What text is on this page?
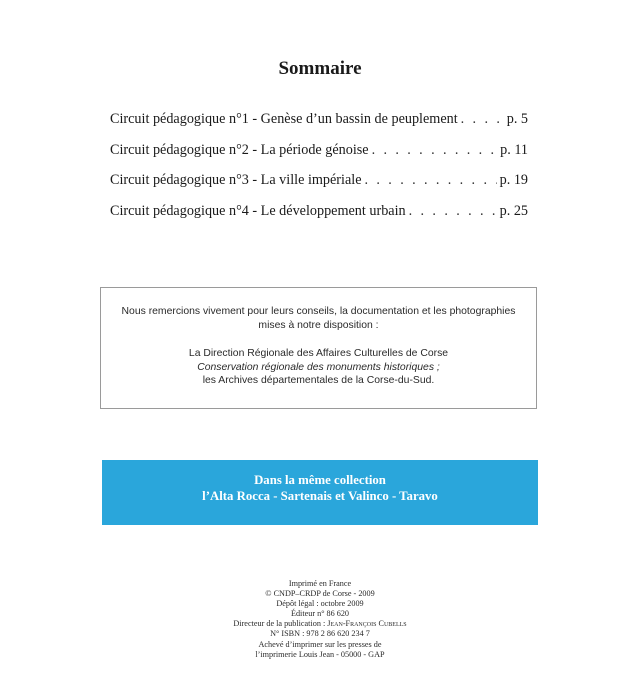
Sommaire
Circuit pédagogique n°1 - Genèse d’un bassin de peuplement . . .	p. 5
Circuit pédagogique n°2 - La période génoise . . .	p. 11
Circuit pédagogique n°3 - La ville impériale . . .	p. 19
Circuit pédagogique n°4 - Le développement urbain . . .	p. 25
Nous remercions vivement pour leurs conseils, la documentation et les photographies
mises à notre disposition :
La Direction Régionale des Affaires Culturelles de Corse
Conservation régionale des monuments historiques ;
les Archives départementales de la Corse-du-Sud.
Dans la même collection
l’Alta Rocca - Sartenais et Valinco - Taravo
Imprimé en France
© CNDP–CRDP de Corse - 2009
Dépôt légal : octobre 2009
Éditeur n° 86 620
Directeur de la publication : Jean-François Cubells
N° ISBN : 978 2 86 620 234 7
Achevé d’imprimer sur les presses de
l’imprimerie Louis Jean - 05000 - GAP
